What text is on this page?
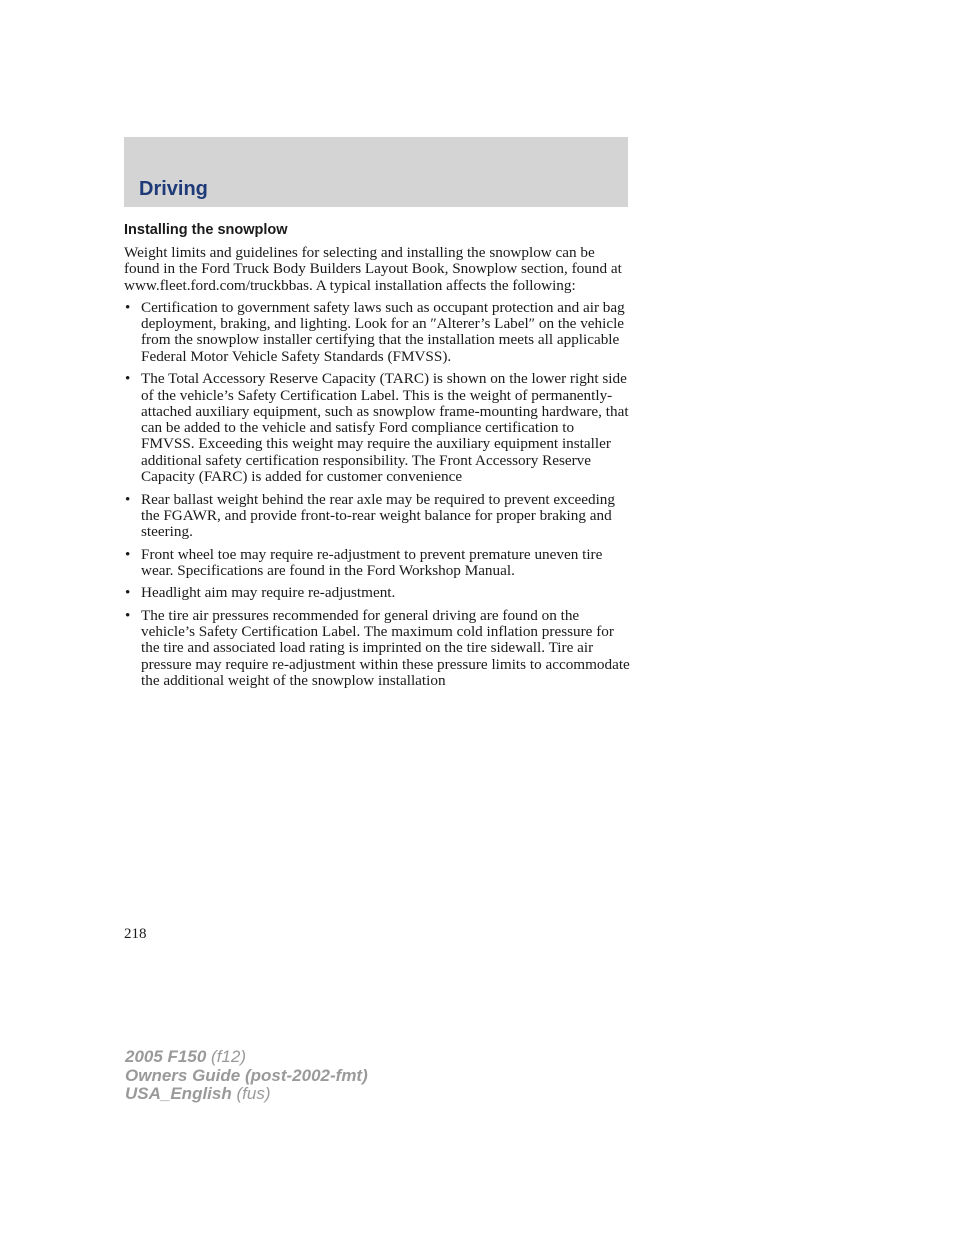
Driving
Installing the snowplow

Weight limits and guidelines for selecting and installing the snowplow can be found in the Ford Truck Body Builders Layout Book, Snowplow section, found at www.fleet.ford.com/truckbbas. A typical installation affects the following:

• Certification to government safety laws such as occupant protection and air bag deployment, braking, and lighting. Look for an ″Alterer’s Label″ on the vehicle from the snowplow installer certifying that the installation meets all applicable Federal Motor Vehicle Safety Standards (FMVSS).
• The Total Accessory Reserve Capacity (TARC) is shown on the lower right side of the vehicle’s Safety Certification Label. This is the weight of permanently-attached auxiliary equipment, such as snowplow frame-mounting hardware, that can be added to the vehicle and satisfy Ford compliance certification to FMVSS. Exceeding this weight may require the auxiliary equipment installer additional safety certification responsibility. The Front Accessory Reserve Capacity (FARC) is added for customer convenience
• Rear ballast weight behind the rear axle may be required to prevent exceeding the FGAWR, and provide front-to-rear weight balance for proper braking and steering.
• Front wheel toe may require re-adjustment to prevent premature uneven tire wear. Specifications are found in the Ford Workshop Manual.
• Headlight aim may require re-adjustment.
• The tire air pressures recommended for general driving are found on the vehicle’s Safety Certification Label. The maximum cold inflation pressure for the tire and associated load rating is imprinted on the tire sidewall. Tire air pressure may require re-adjustment within these pressure limits to accommodate the additional weight of the snowplow installation
218
2005 F150 (f12)
Owners Guide (post-2002-fmt)
USA_English (fus)
